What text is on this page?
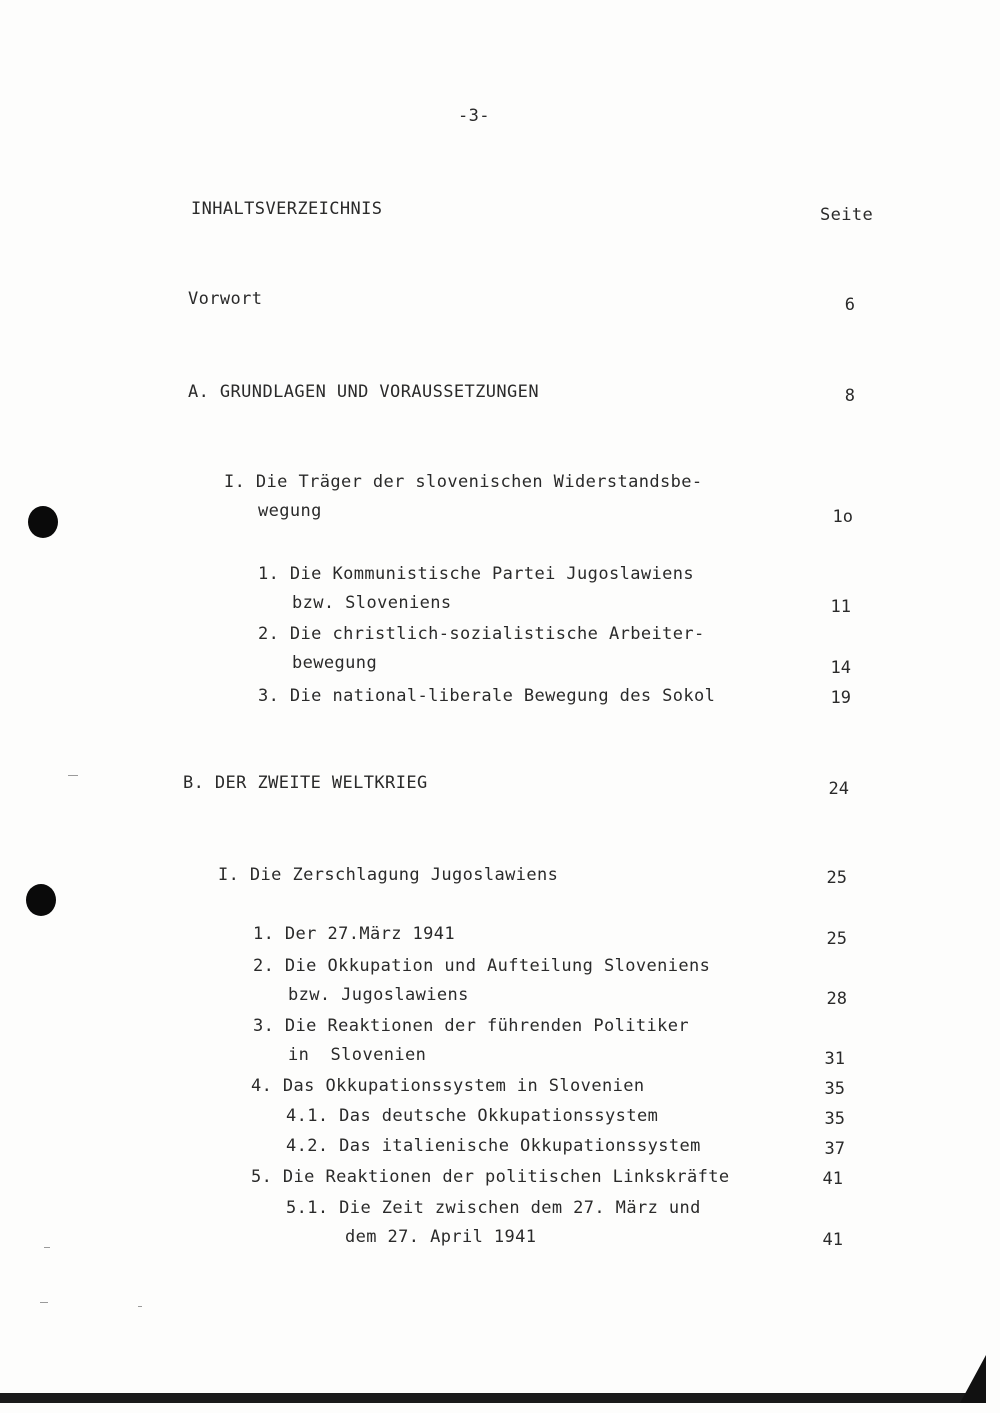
-3-
INHALTSVERZEICHNIS	Seite
Vorwort	6
A. GRUNDLAGEN UND VORAUSSETZUNGEN	8
I. Die Träger der slovenischen Widerstandsbe-
wegung	1o
1. Die Kommunistische Partei Jugoslawiens
bzw. Sloveniens	11
2. Die christlich-sozialistische Arbeiter-
bewegung	14
3. Die national-liberale Bewegung des Sokol	19
B. DER ZWEITE WELTKRIEG	24
I. Die Zerschlagung Jugoslawiens	25
1. Der 27.März 1941	25
2. Die Okkupation und Aufteilung Sloveniens
bzw. Jugoslawiens	28
3. Die Reaktionen der führenden Politiker
in  Slovenien	31
4. Das Okkupationssystem in Slovenien	35
4.1. Das deutsche Okkupationssystem	35
4.2. Das italienische Okkupationssystem	37
5. Die Reaktionen der politischen Linkskräfte	41
5.1. Die Zeit zwischen dem 27. März und
dem 27. April 1941	41
